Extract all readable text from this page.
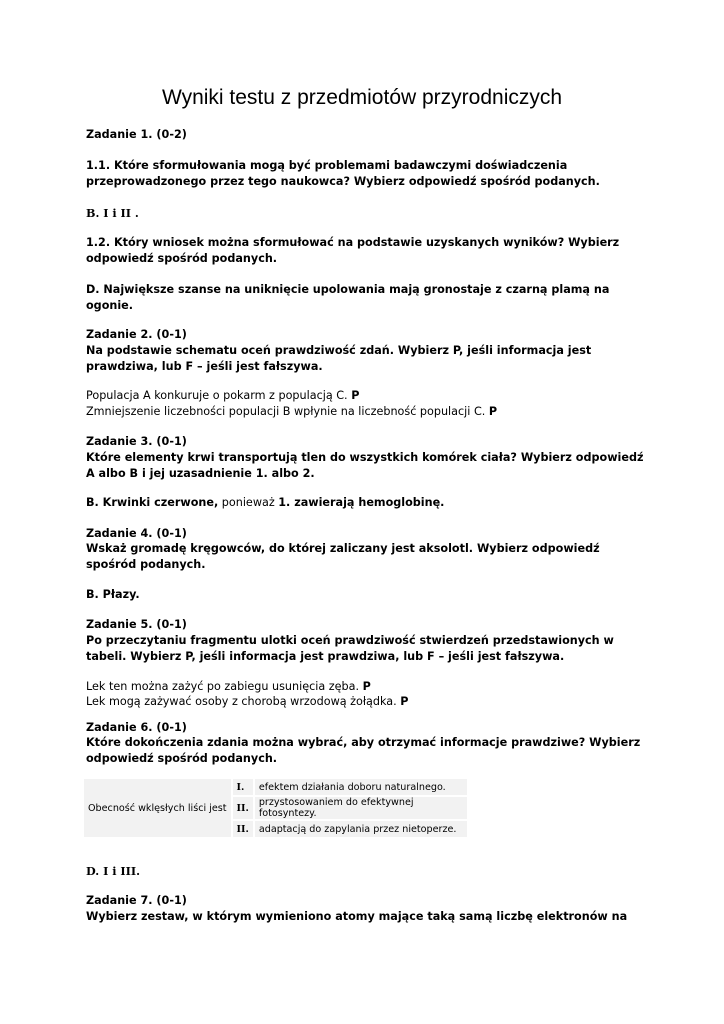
Wyniki testu z przedmiotów przyrodniczych
Zadanie 1. (0-2)
1.1. Które sformułowania mogą być problemami badawczymi doświadczenia przeprowadzonego przez tego naukowca? Wybierz odpowiedź spośród podanych.
B. I i II .
1.2. Który wniosek można sformułować na podstawie uzyskanych wyników? Wybierz odpowiedź spośród podanych.
D. Największe szanse na uniknięcie upolowania mają gronostaje z czarną plamą na ogonie.
Zadanie 2. (0-1)
Na podstawie schematu oceń prawdziwość zdań. Wybierz P, jeśli informacja jest prawdziwa, lub F – jeśli jest fałszywa.
Populacja A konkuruje o pokarm z populacją C. P
Zmniejszenie liczebności populacji B wpłynie na liczebność populacji C. P
Zadanie 3. (0-1)
Które elementy krwi transportują tlen do wszystkich komórek ciała? Wybierz odpowiedź A albo B i jej uzasadnienie 1. albo 2.
B. Krwinki czerwone, ponieważ 1. zawierają hemoglobinę.
Zadanie 4. (0-1)
Wskaż gromadę kręgowców, do której zaliczany jest aksolotl. Wybierz odpowiedź spośród podanych.
B. Płazy.
Zadanie 5. (0-1)
Po przeczytaniu fragmentu ulotki oceń prawdziwość stwierdzeń przedstawionych w tabeli. Wybierz P, jeśli informacja jest prawdziwa, lub F – jeśli jest fałszywa.
Lek ten można zażyć po zabiegu usunięcia zęba. P
Lek mogą zażywać osoby z chorobą wrzodową żołądka. P
Zadanie 6. (0-1)
Które dokończenia zdania można wybrać, aby otrzymać informacje prawdziwe? Wybierz odpowiedź spośród podanych.
Obecność wklęsłych liści jest	I.	efektem działania doboru naturalnego.
	II.	przystosowaniem do efektywnej fotosyntezy.
	II.	adaptacją do zapylania przez nietoperze.
D. I i III.
Zadanie 7. (0-1)
Wybierz zestaw, w którym wymieniono atomy mające taką samą liczbę elektronów na
